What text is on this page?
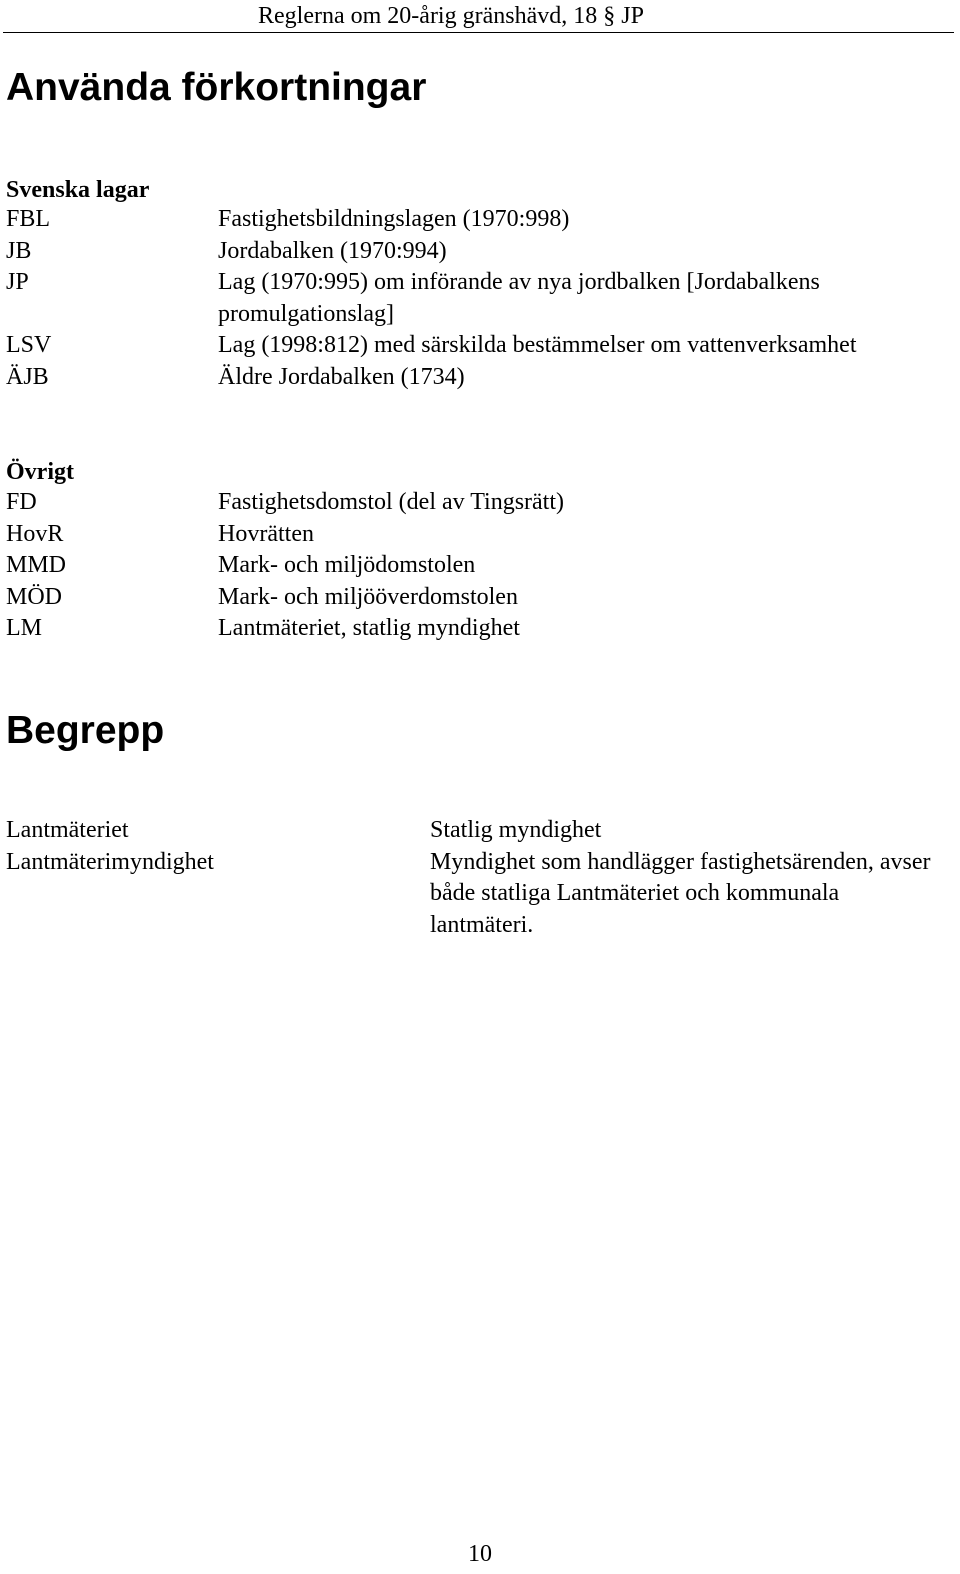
Reglerna om 20-årig gränshävd, 18 § JP
Använda förkortningar
Svenska lagar
FBL	Fastighetsbildningslagen (1970:998)
JB	Jordabalken (1970:994)
JP	Lag (1970:995) om införande av nya jordbalken [Jordabalkens promulgationslag]
LSV	Lag (1998:812) med särskilda bestämmelser om vattenverksamhet
ÄJB	Äldre Jordabalken (1734)
Övrigt
FD	Fastighetsdomstol (del av Tingsrätt)
HovR	Hovrätten
MMD	Mark- och miljödomstolen
MÖD	Mark- och miljööverdomstolen
LM	Lantmäteriet, statlig myndighet
Begrepp
Lantmäteriet	Statlig myndighet
Lantmäterimyndighet	Myndighet som handlägger fastighetsärenden, avser både statliga Lantmäteriet och kommunala lantmäteri.
10
